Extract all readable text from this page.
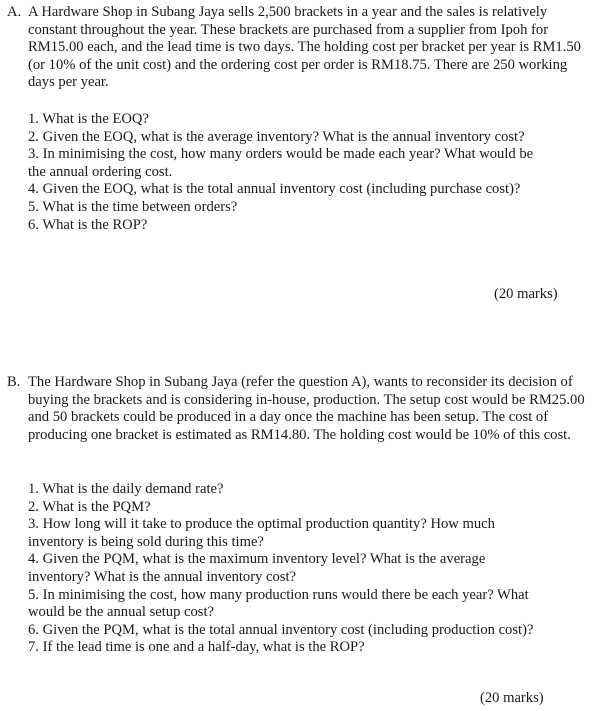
A. A Hardware Shop in Subang Jaya sells 2,500 brackets in a year and the sales is relatively constant throughout the year. These brackets are purchased from a supplier from Ipoh for RM15.00 each, and the lead time is two days. The holding cost per bracket per year is RM1.50 (or 10% of the unit cost) and the ordering cost per order is RM18.75. There are 250 working days per year.

1. What is the EOQ?
2. Given the EOQ, what is the average inventory? What is the annual inventory cost?
3. In minimising the cost, how many orders would be made each year? What would be the annual ordering cost.
4. Given the EOQ, what is the total annual inventory cost (including purchase cost)?
5. What is the time between orders?
6. What is the ROP?
(20 marks)
B. The Hardware Shop in Subang Jaya (refer the question A), wants to reconsider its decision of buying the brackets and is considering in-house, production. The setup cost would be RM25.00 and 50 brackets could be produced in a day once the machine has been setup. The cost of producing one bracket is estimated as RM14.80. The holding cost would be 10% of this cost.

1. What is the daily demand rate?
2. What is the PQM?
3. How long will it take to produce the optimal production quantity? How much inventory is being sold during this time?
4. Given the PQM, what is the maximum inventory level? What is the average inventory? What is the annual inventory cost?
5. In minimising the cost, how many production runs would there be each year? What would be the annual setup cost?
6. Given the PQM, what is the total annual inventory cost (including production cost)?
7. If the lead time is one and a half-day, what is the ROP?
(20 marks)
